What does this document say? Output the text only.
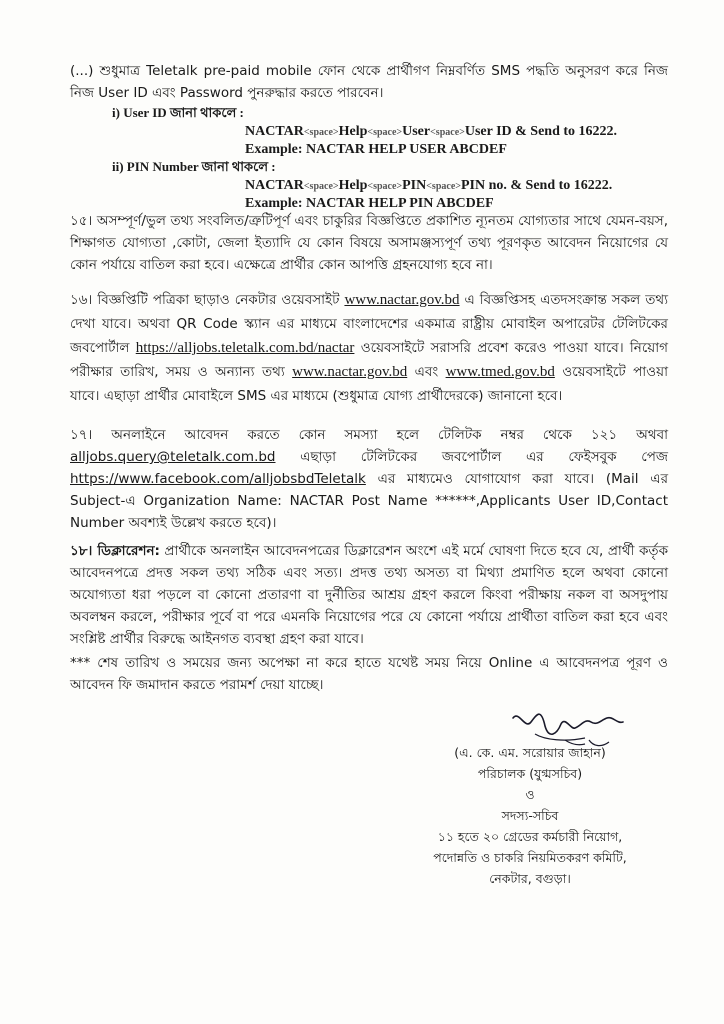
(...) শুধুমাত্র Teletalk pre-paid mobile ফোন থেকে প্রার্থীগণ নিম্নবর্ণিত SMS পদ্ধতি অনুসরণ করে নিজ নিজ User ID এবং Password পুনরুদ্ধার করতে পারবেন।
i) User ID জানা থাকলে :
NACTAR<space>Help<space>User<space>User ID & Send to 16222.
Example: NACTAR HELP USER ABCDEF
ii) PIN Number জানা থাকলে :
NACTAR<space>Help<space>PIN<space>PIN no. & Send to 16222.
Example: NACTAR HELP PIN ABCDEF
১৫। অসম্পূর্ণ/ভুল তথ্য সংবলিত/ত্রুটিপূর্ণ এবং চাকুরির বিজ্ঞপ্তিতে প্রকাশিত ন্যূনতম যোগ্যতার সাথে যেমন-বয়স, শিক্ষাগত যোগ্যতা ,কোটা, জেলা ইত্যাদি যে কোন বিষয়ে অসামঞ্জস্যপূর্ণ তথ্য পূরণকৃত আবেদন নিয়োগের যে কোন পর্যায়ে বাতিল করা হবে। এক্ষেত্রে প্রার্থীর কোন আপত্তি গ্রহনযোগ্য হবে না।
১৬। বিজ্ঞপ্তিটি পত্রিকা ছাড়াও নেকটার ওয়েবসাইট www.nactar.gov.bd এ বিজ্ঞপ্তিসহ এতদসংক্রান্ত সকল তথ্য দেখা যাবে। অথবা QR Code স্ক্যান এর মাধ্যমে বাংলাদেশের একমাত্র রাষ্ট্রীয় মোবাইল অপারেটর টেলিটকের জবপোর্টাল https://alljobs.teletalk.com.bd/nactar ওয়েবসাইটে সরাসরি প্রবেশ করেও পাওয়া যাবে। নিয়োগ পরীক্ষার তারিখ, সময় ও অন্যান্য তথ্য www.nactar.gov.bd এবং www.tmed.gov.bd ওয়েবসাইটে পাওয়া যাবে। এছাড়া প্রার্থীর মোবাইলে SMS এর মাধ্যমে (শুধুমাত্র যোগ্য প্রার্থীদেরকে) জানানো হবে।
১৭। অনলাইনে আবেদন করতে কোন সমস্যা হলে টেলিটক নম্বর থেকে ১২১ অথবা alljobs.query@teletalk.com.bd এছাড়া টেলিটকের জবপোর্টাল এর ফেইসবুক পেজ https://www.facebook.com/alljobsbdTeletalk এর মাধ্যমেও যোগাযোগ করা যাবে। (Mail এর Subject-এ Organization Name: NACTAR Post Name ******,Applicants User ID,Contact Number অবশ্যই উল্লেখ করতে হবে)।
১৮। ডিক্লারেশন: প্রার্থীকে অনলাইন আবেদনপত্রের ডিক্লারেশন অংশে এই মর্মে ঘোষণা দিতে হবে যে, প্রার্থী কর্তৃক আবেদনপত্রে প্রদত্ত সকল তথ্য সঠিক এবং সত্য। প্রদত্ত তথ্য অসত্য বা মিথ্যা প্রমাণিত হলে অথবা কোনো অযোগ্যতা ধরা পড়লে বা কোনো প্রতারণা বা দুর্নীতির আশ্রয় গ্রহণ করলে কিংবা পরীক্ষায় নকল বা অসদুপায় অবলম্বন করলে, পরীক্ষার পূর্বে বা পরে এমনকি নিয়োগের পরে যে কোনো পর্যায়ে প্রার্থীতা বাতিল করা হবে এবং সংশ্লিষ্ট প্রার্থীর বিরুদ্ধে আইনগত ব্যবস্থা গ্রহণ করা যাবে।
*** শেষ তারিখ ও সময়ের জন্য অপেক্ষা না করে হাতে যথেষ্ট সময় নিয়ে Online এ আবেদনপত্র পূরণ ও আবেদন ফি জমাদান করতে পরামর্শ দেয়া যাচ্ছে।
(এ. কে. এম. সরোয়ার জাহান)
পরিচালক (যুগ্মসচিব)
ও
সদস্য-সচিব
১১ হতে ২০ গ্রেডের কর্মচারী নিয়োগ,
পদোন্নতি ও চাকরি নিয়মিতকরণ কমিটি,
নেকটার, বগুড়া।
